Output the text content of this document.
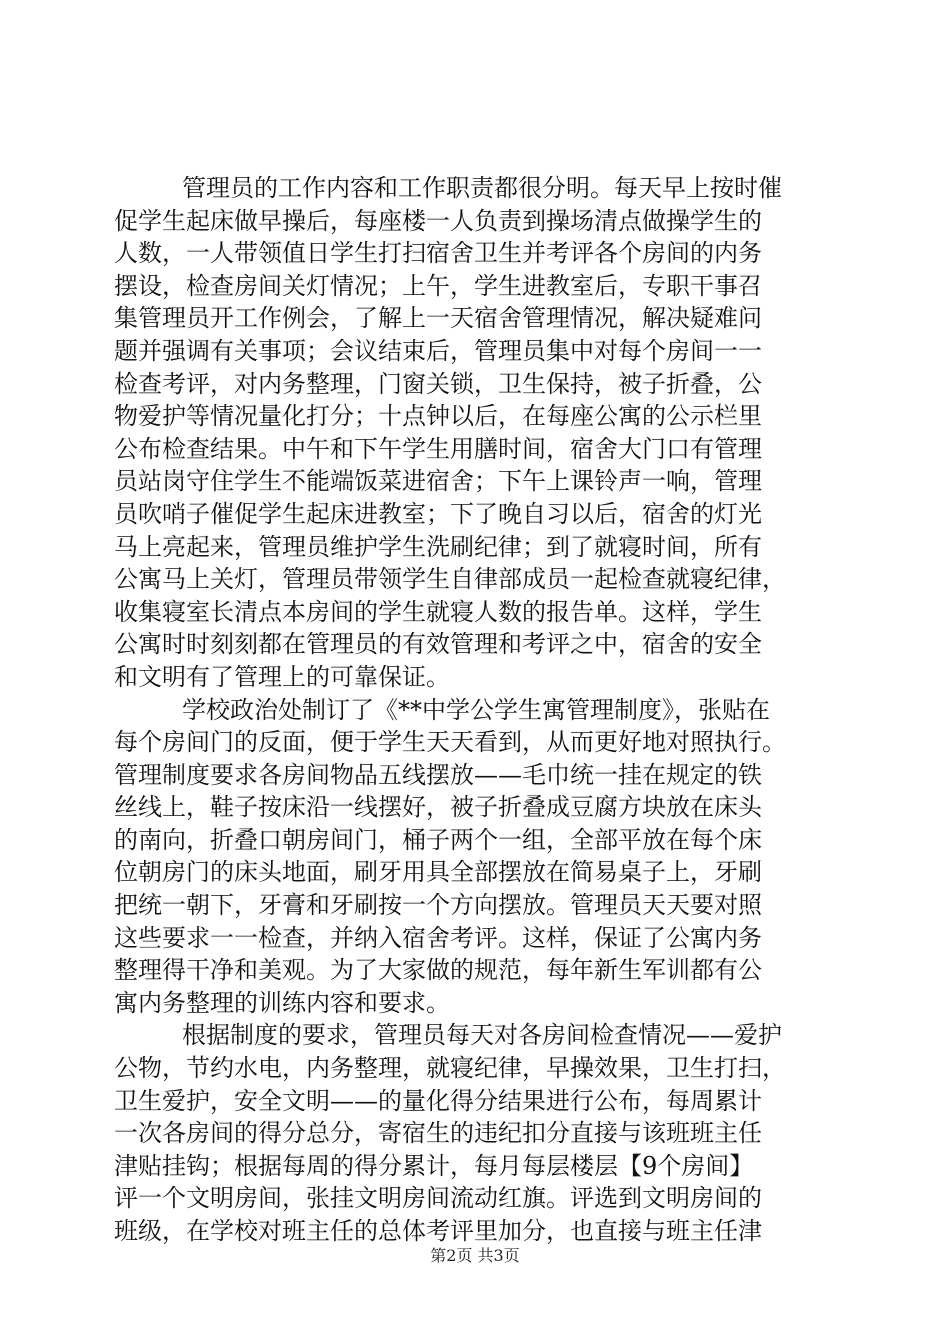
管理员的工作内容和工作职责都很分明。每天早上按时催
促学生起床做早操后，每座楼一人负责到操场清点做操学生的
人数，一人带领值日学生打扫宿舍卫生并考评各个房间的内务
摆设，检查房间关灯情况；上午，学生进教室后，专职干事召
集管理员开工作例会，了解上一天宿舍管理情况，解决疑难问
题并强调有关事项；会议结束后，管理员集中对每个房间一一
检查考评，对内务整理，门窗关锁，卫生保持，被子折叠，公
物爱护等情况量化打分；十点钟以后，在每座公寓的公示栏里
公布检查结果。中午和下午学生用膳时间，宿舍大门口有管理
员站岗守住学生不能端饭菜进宿舍；下午上课铃声一响，管理
员吹哨子催促学生起床进教室；下了晚自习以后，宿舍的灯光
马上亮起来，管理员维护学生洗刷纪律；到了就寝时间，所有
公寓马上关灯，管理员带领学生自律部成员一起检查就寝纪律，
收集寝室长清点本房间的学生就寝人数的报告单。这样，学生
公寓时时刻刻都在管理员的有效管理和考评之中，宿舍的安全
和文明有了管理上的可靠保证。
学校政治处制订了《**中学公学生寓管理制度》，张贴在
每个房间门的反面，便于学生天天看到，从而更好地对照执行。
管理制度要求各房间物品五线摆放——毛巾统一挂在规定的铁
丝线上，鞋子按床沿一线摆好，被子折叠成豆腐方块放在床头
的南向，折叠口朝房间门，桶子两个一组，全部平放在每个床
位朝房门的床头地面，刷牙用具全部摆放在简易桌子上，牙刷
把统一朝下，牙膏和牙刷按一个方向摆放。管理员天天要对照
这些要求一一检查，并纳入宿舍考评。这样，保证了公寓内务
整理得干净和美观。为了大家做的规范，每年新生军训都有公
寓内务整理的训练内容和要求。
根据制度的要求，管理员每天对各房间检查情况——爱护
公物，节约水电，内务整理，就寝纪律，早操效果，卫生打扫，
卫生爱护，安全文明——的量化得分结果进行公布，每周累计
一次各房间的得分总分，寄宿生的违纪扣分直接与该班班主任
津贴挂钩；根据每周的得分累计，每月每层楼层【9个房间】
评一个文明房间，张挂文明房间流动红旗。评选到文明房间的
班级，在学校对班主任的总体考评里加分，也直接与班主任津
第2页 共3页
